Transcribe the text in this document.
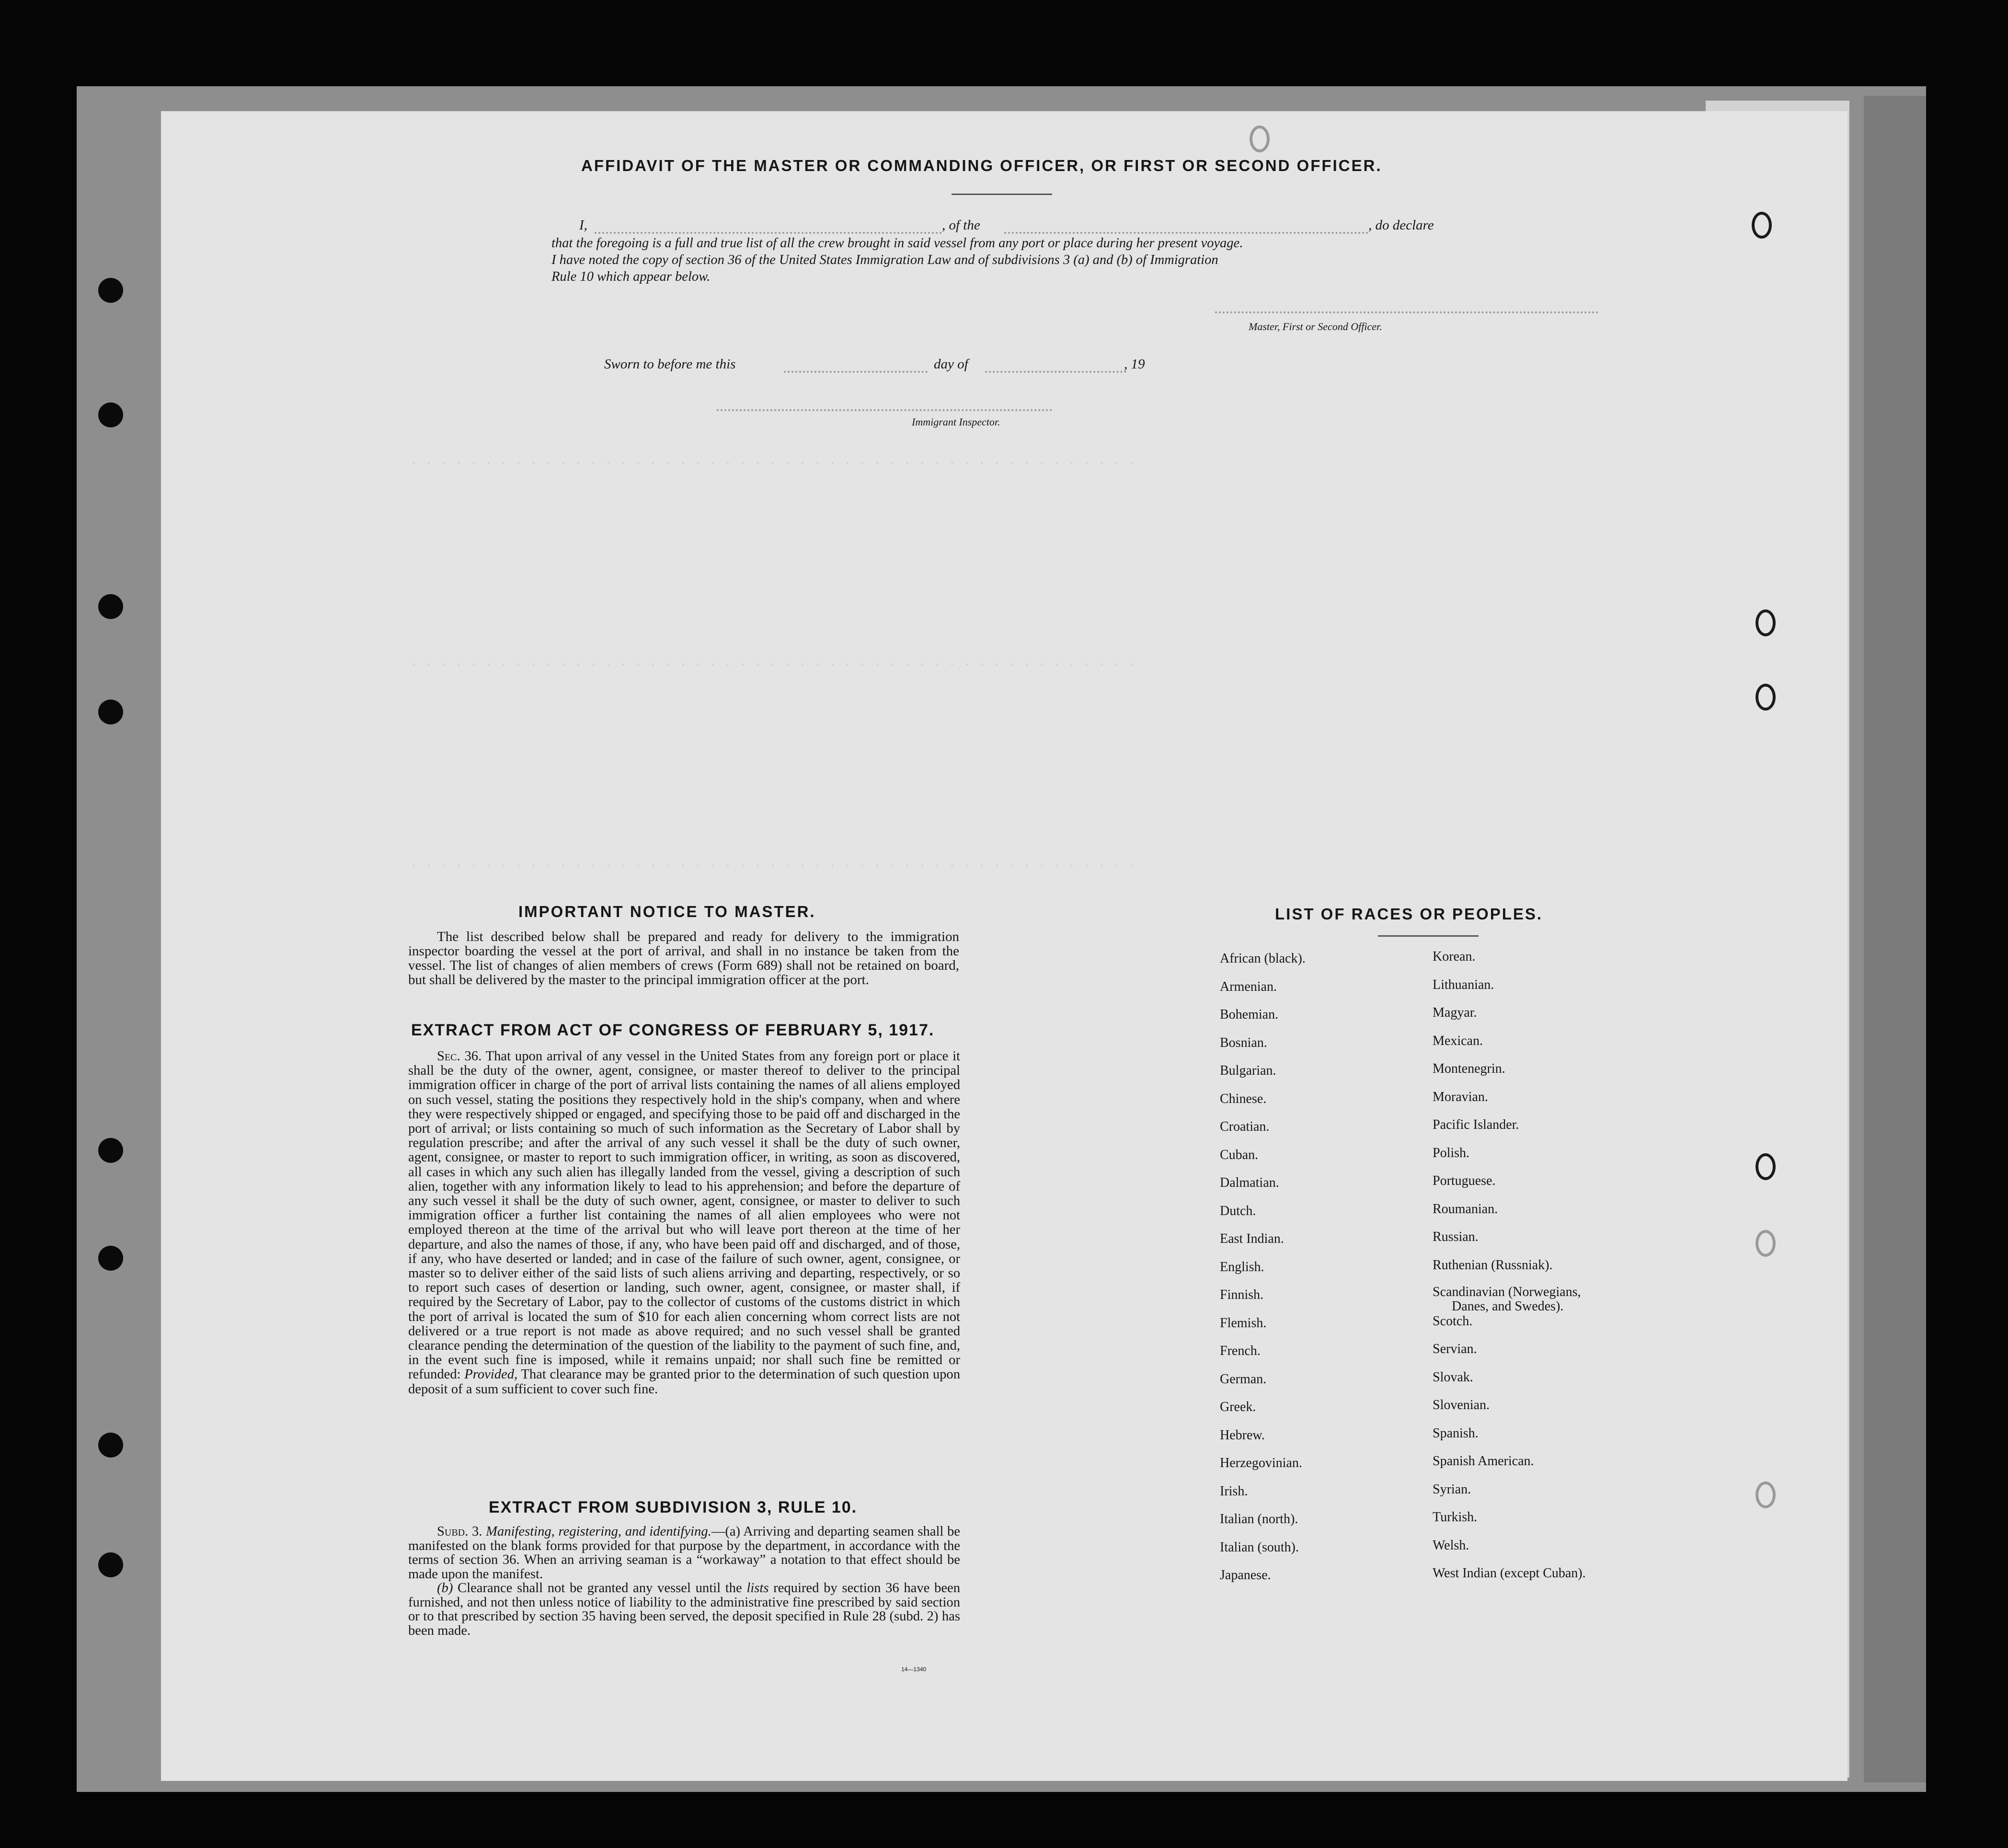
· · · · · · · · · · · · · · · · · · · · · · · · · · · · · · · · · · · · · · · · · · · · · · · · ·
· · · · · · · · · · · · · · · · · · · · · · · · · · · · · · · · · · · · · · · · · · · · · · · · ·
· · · · · · · · · · · · · · · · · · · · · · · · · · · · · · · · · · · · · · · · · · · · · · · · ·
AFFIDAVIT OF THE MASTER OR COMMANDING OFFICER, OR FIRST OR SECOND OFFICER.
I,	, of the	, do declare
that the foregoing is a full and true list of all the crew brought in said vessel from any port or place during her present voyage.
I have noted the copy of section 36 of the United States Immigration Law and of subdivisions 3 (a) and (b) of Immigration
Rule 10 which appear below.
Master, First or Second Officer.
Sworn to before me this	day of	, 19
Immigrant Inspector.
IMPORTANT NOTICE TO MASTER.

The list described below shall be prepared and ready for delivery to the immigration inspector boarding the vessel at the port of arrival, and shall in no instance be taken from the vessel. The list of changes of alien members of crews (Form 689) shall not be retained on board, but shall be delivered by the master to the principal immigration officer at the port.

EXTRACT FROM ACT OF CONGRESS OF FEBRUARY 5, 1917.

Sec. 36. That upon arrival of any vessel in the United States from any foreign port or place it shall be the duty of the owner, agent, consignee, or master thereof to deliver to the principal immigration officer in charge of the port of arrival lists containing the names of all aliens employed on such vessel, stating the positions they respectively hold in the ship's company, when and where they were respectively shipped or engaged, and specifying those to be paid off and discharged in the port of arrival; or lists containing so much of such information as the Secretary of Labor shall by regulation prescribe; and after the arrival of any such vessel it shall be the duty of such owner, agent, consignee, or master to report to such immigration officer, in writing, as soon as discovered, all cases in which any such alien has illegally landed from the vessel, giving a description of such alien, together with any information likely to lead to his apprehension; and before the departure of any such vessel it shall be the duty of such owner, agent, consignee, or master to deliver to such immigration officer a further list containing the names of all alien employees who were not employed thereon at the time of the arrival but who will leave port thereon at the time of her departure, and also the names of those, if any, who have been paid off and discharged, and of those, if any, who have deserted or landed; and in case of the failure of such owner, agent, consignee, or master so to deliver either of the said lists of such aliens arriving and departing, respectively, or so to report such cases of desertion or landing, such owner, agent, consignee, or master shall, if required by the Secretary of Labor, pay to the collector of customs of the customs district in which the port of arrival is located the sum of $10 for each alien concerning whom correct lists are not delivered or a true report is not made as above required; and no such vessel shall be granted clearance pending the determination of the question of the liability to the payment of such fine, and, in the event such fine is imposed, while it remains unpaid; nor shall such fine be remitted or refunded: Provided, That clearance may be granted prior to the determination of such question upon deposit of a sum sufficient to cover such fine.

EXTRACT FROM SUBDIVISION 3, RULE 10.

Subd. 3. Manifesting, registering, and identifying.—(a) Arriving and departing seamen shall be manifested on the blank forms provided for that purpose by the department, in accordance with the terms of section 36. When an arriving seaman is a “workaway” a notation to that effect should be made upon the manifest.

(b) Clearance shall not be granted any vessel until the lists required by section 36 have been furnished, and not then unless notice of liability to the administrative fine prescribed by said section or to that prescribed by section 35 having been served, the deposit specified in Rule 28 (subd. 2) has been made.

14—1340
LIST OF RACES OR PEOPLES.
African (black).
Armenian.
Bohemian.
Bosnian.
Bulgarian.
Chinese.
Croatian.
Cuban.
Dalmatian.
Dutch.
East Indian.
English.
Finnish.
Flemish.
French.
German.
Greek.
Hebrew.
Herzegovinian.
Irish.
Italian (north).
Italian (south).
Japanese.
Korean.
Lithuanian.
Magyar.
Mexican.
Montenegrin.
Moravian.
Pacific Islander.
Polish.
Portuguese.
Roumanian.
Russian.
Ruthenian (Russniak).
Scandinavian (Norwegians,
Danes, and Swedes).
Scotch.
Servian.
Slovak.
Slovenian.
Spanish.
Spanish American.
Syrian.
Turkish.
Welsh.
West Indian (except Cuban).
